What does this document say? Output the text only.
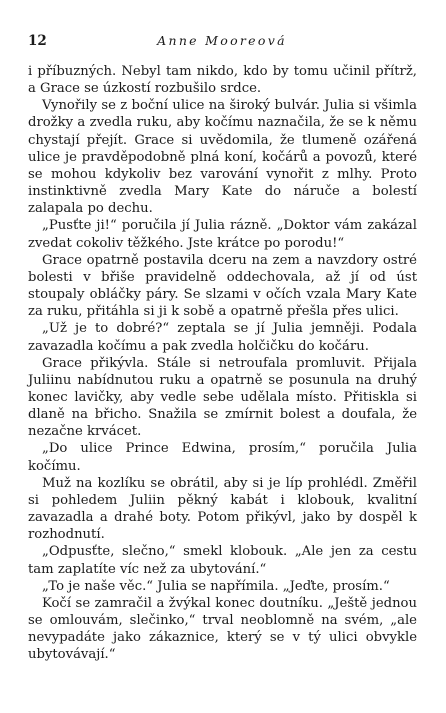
12	Anne Mooreová

i příbuzných. Nebyl tam nikdo, kdo by tomu učinil přítrž, a Grace se úzkostí rozbušilo srdce.

Vynořily se z boční ulice na široký bulvár. Julia si všimla drožky a zvedla ruku, aby kočímu naznačila, že se k němu chystají přejít. Grace si uvědomila, že tlumeně ozářená ulice je pravděpodobně plná koní, kočárů a povozů, které se mohou kdykoliv bez varování vynořit z mlhy. Proto instinktivně zvedla Mary Kate do náruče a bolestí zalapala po dechu.

„Pusťte ji!“ poručila jí Julia rázně. „Doktor vám zakázal zvedat cokoliv těžkého. Jste krátce po porodu!“

Grace opatrně postavila dceru na zem a navzdory ostré bolesti v břiše pravidelně oddechovala, až jí od úst stoupaly obláčky páry. Se slzami v očích vzala Mary Kate za ruku, přitáhla si ji k sobě a opatrně přešla přes ulici.

„Už je to dobré?“ zeptala se jí Julia jemněji. Podala zavazadla kočímu a pak zvedla holčičku do kočáru.

Grace přikývla. Stále si netroufala promluvit. Přijala Juliinu nabídnutou ruku a opatrně se posunula na druhý konec lavičky, aby vedle sebe udělala místo. Přitiskla si dlaně na břicho. Snažila se zmírnit bolest a doufala, že nezačne krvácet.

„Do ulice Prince Edwina, prosím,“ poručila Julia kočímu.

Muž na kozlíku se obrátil, aby si je líp prohlédl. Změřil si pohledem Juliin pěkný kabát i klobouk, kvalitní zavazadla a drahé boty. Potom přikývl, jako by dospěl k rozhodnutí.

„Odpusťte, slečno,“ smekl klobouk. „Ale jen za cestu tam zaplatíte víc než za ubytování.“

„To je naše věc.“ Julia se napřímila. „Jeďte, prosím.“

Kočí se zamračil a žvýkal konec doutníku. „Ještě jednou se omlouvám, slečinko,“ trval neoblomně na svém, „ale nevypadáte jako zákaznice, který se v tý ulici obvykle ubytovávají.“
